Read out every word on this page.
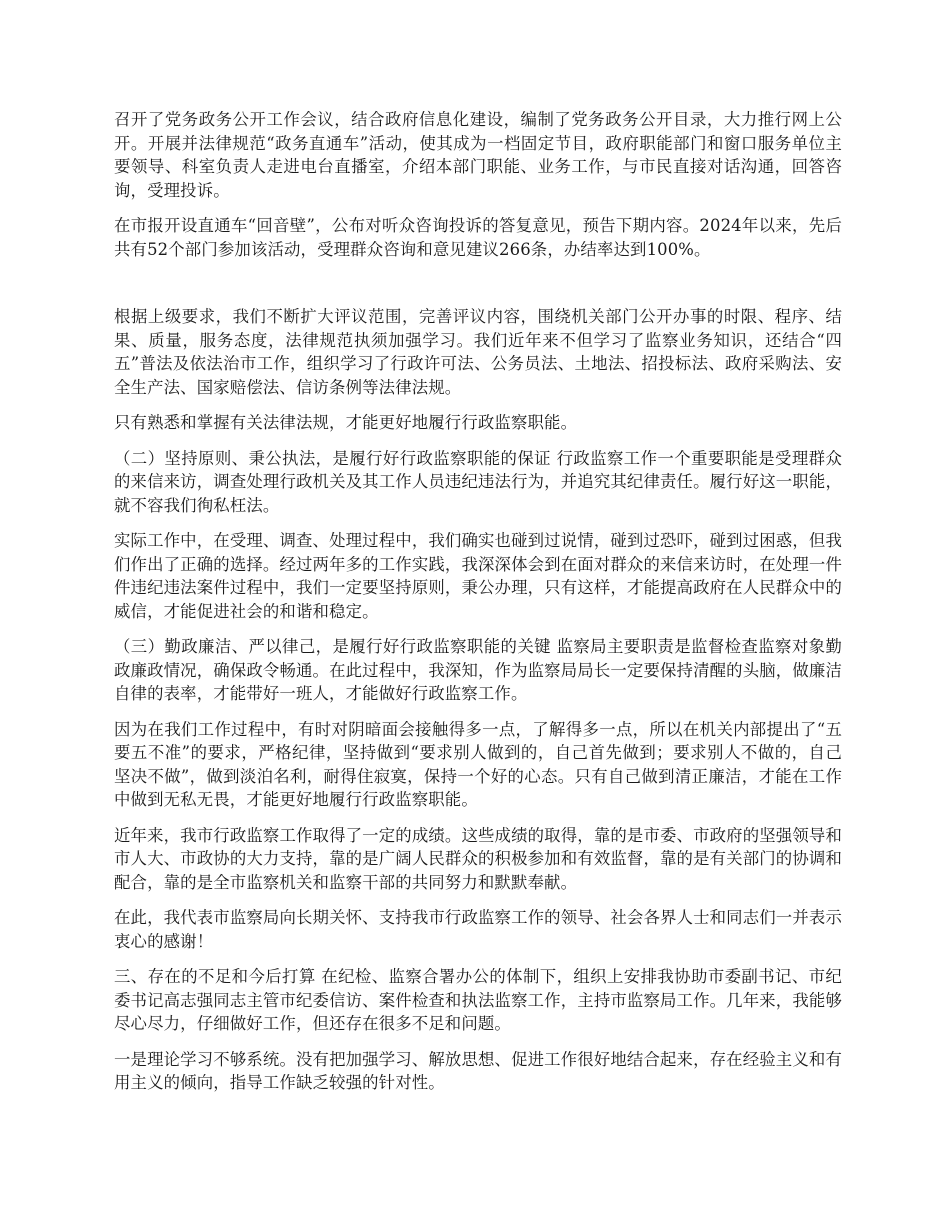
召开了党务政务公开工作会议，结合政府信息化建设，编制了党务政务公开目录，大力推行网上公开。开展并法律规范“政务直通车”活动，使其成为一档固定节目，政府职能部门和窗口服务单位主要领导、科室负责人走进电台直播室，介绍本部门职能、业务工作，与市民直接对话沟通，回答咨询，受理投诉。

在市报开设直通车“回音壁”，公布对听众咨询投诉的答复意见，预告下期内容。2024年以来，先后共有52个部门参加该活动，受理群众咨询和意见建议266条，办结率达到100%。

根据上级要求，我们不断扩大评议范围，完善评议内容，围绕机关部门公开办事的时限、程序、结果、质量，服务态度，法律规范执须加强学习。我们近年来不但学习了监察业务知识，还结合“四五”普法及依法治市工作，组织学习了行政许可法、公务员法、土地法、招投标法、政府采购法、安全生产法、国家赔偿法、信访条例等法律法规。

只有熟悉和掌握有关法律法规，才能更好地履行行政监察职能。

（二）坚持原则、秉公执法，是履行好行政监察职能的保证 行政监察工作一个重要职能是受理群众的来信来访，调查处理行政机关及其工作人员违纪违法行为，并追究其纪律责任。履行好这一职能，就不容我们徇私枉法。

实际工作中，在受理、调查、处理过程中，我们确实也碰到过说情，碰到过恐吓，碰到过困惑，但我们作出了正确的选择。经过两年多的工作实践，我深深体会到在面对群众的来信来访时，在处理一件件违纪违法案件过程中，我们一定要坚持原则，秉公办理，只有这样，才能提高政府在人民群众中的威信，才能促进社会的和谐和稳定。

（三）勤政廉洁、严以律己，是履行好行政监察职能的关键 监察局主要职责是监督检查监察对象勤政廉政情况，确保政令畅通。在此过程中，我深知，作为监察局局长一定要保持清醒的头脑，做廉洁自律的表率，才能带好一班人，才能做好行政监察工作。

因为在我们工作过程中，有时对阴暗面会接触得多一点，了解得多一点，所以在机关内部提出了“五要五不准”的要求，严格纪律，坚持做到“要求别人做到的，自己首先做到；要求别人不做的，自己坚决不做”，做到淡泊名利，耐得住寂寞，保持一个好的心态。只有自己做到清正廉洁，才能在工作中做到无私无畏，才能更好地履行行政监察职能。

近年来，我市行政监察工作取得了一定的成绩。这些成绩的取得，靠的是市委、市政府的坚强领导和市人大、市政协的大力支持，靠的是广阔人民群众的积极参加和有效监督，靠的是有关部门的协调和配合，靠的是全市监察机关和监察干部的共同努力和默默奉献。

在此，我代表市监察局向长期关怀、支持我市行政监察工作的领导、社会各界人士和同志们一并表示衷心的感谢！

三、存在的不足和今后打算 在纪检、监察合署办公的体制下，组织上安排我协助市委副书记、市纪委书记高志强同志主管市纪委信访、案件检查和执法监察工作，主持市监察局工作。几年来，我能够尽心尽力，仔细做好工作，但还存在很多不足和问题。

一是理论学习不够系统。没有把加强学习、解放思想、促进工作很好地结合起来，存在经验主义和有用主义的倾向，指导工作缺乏较强的针对性。
